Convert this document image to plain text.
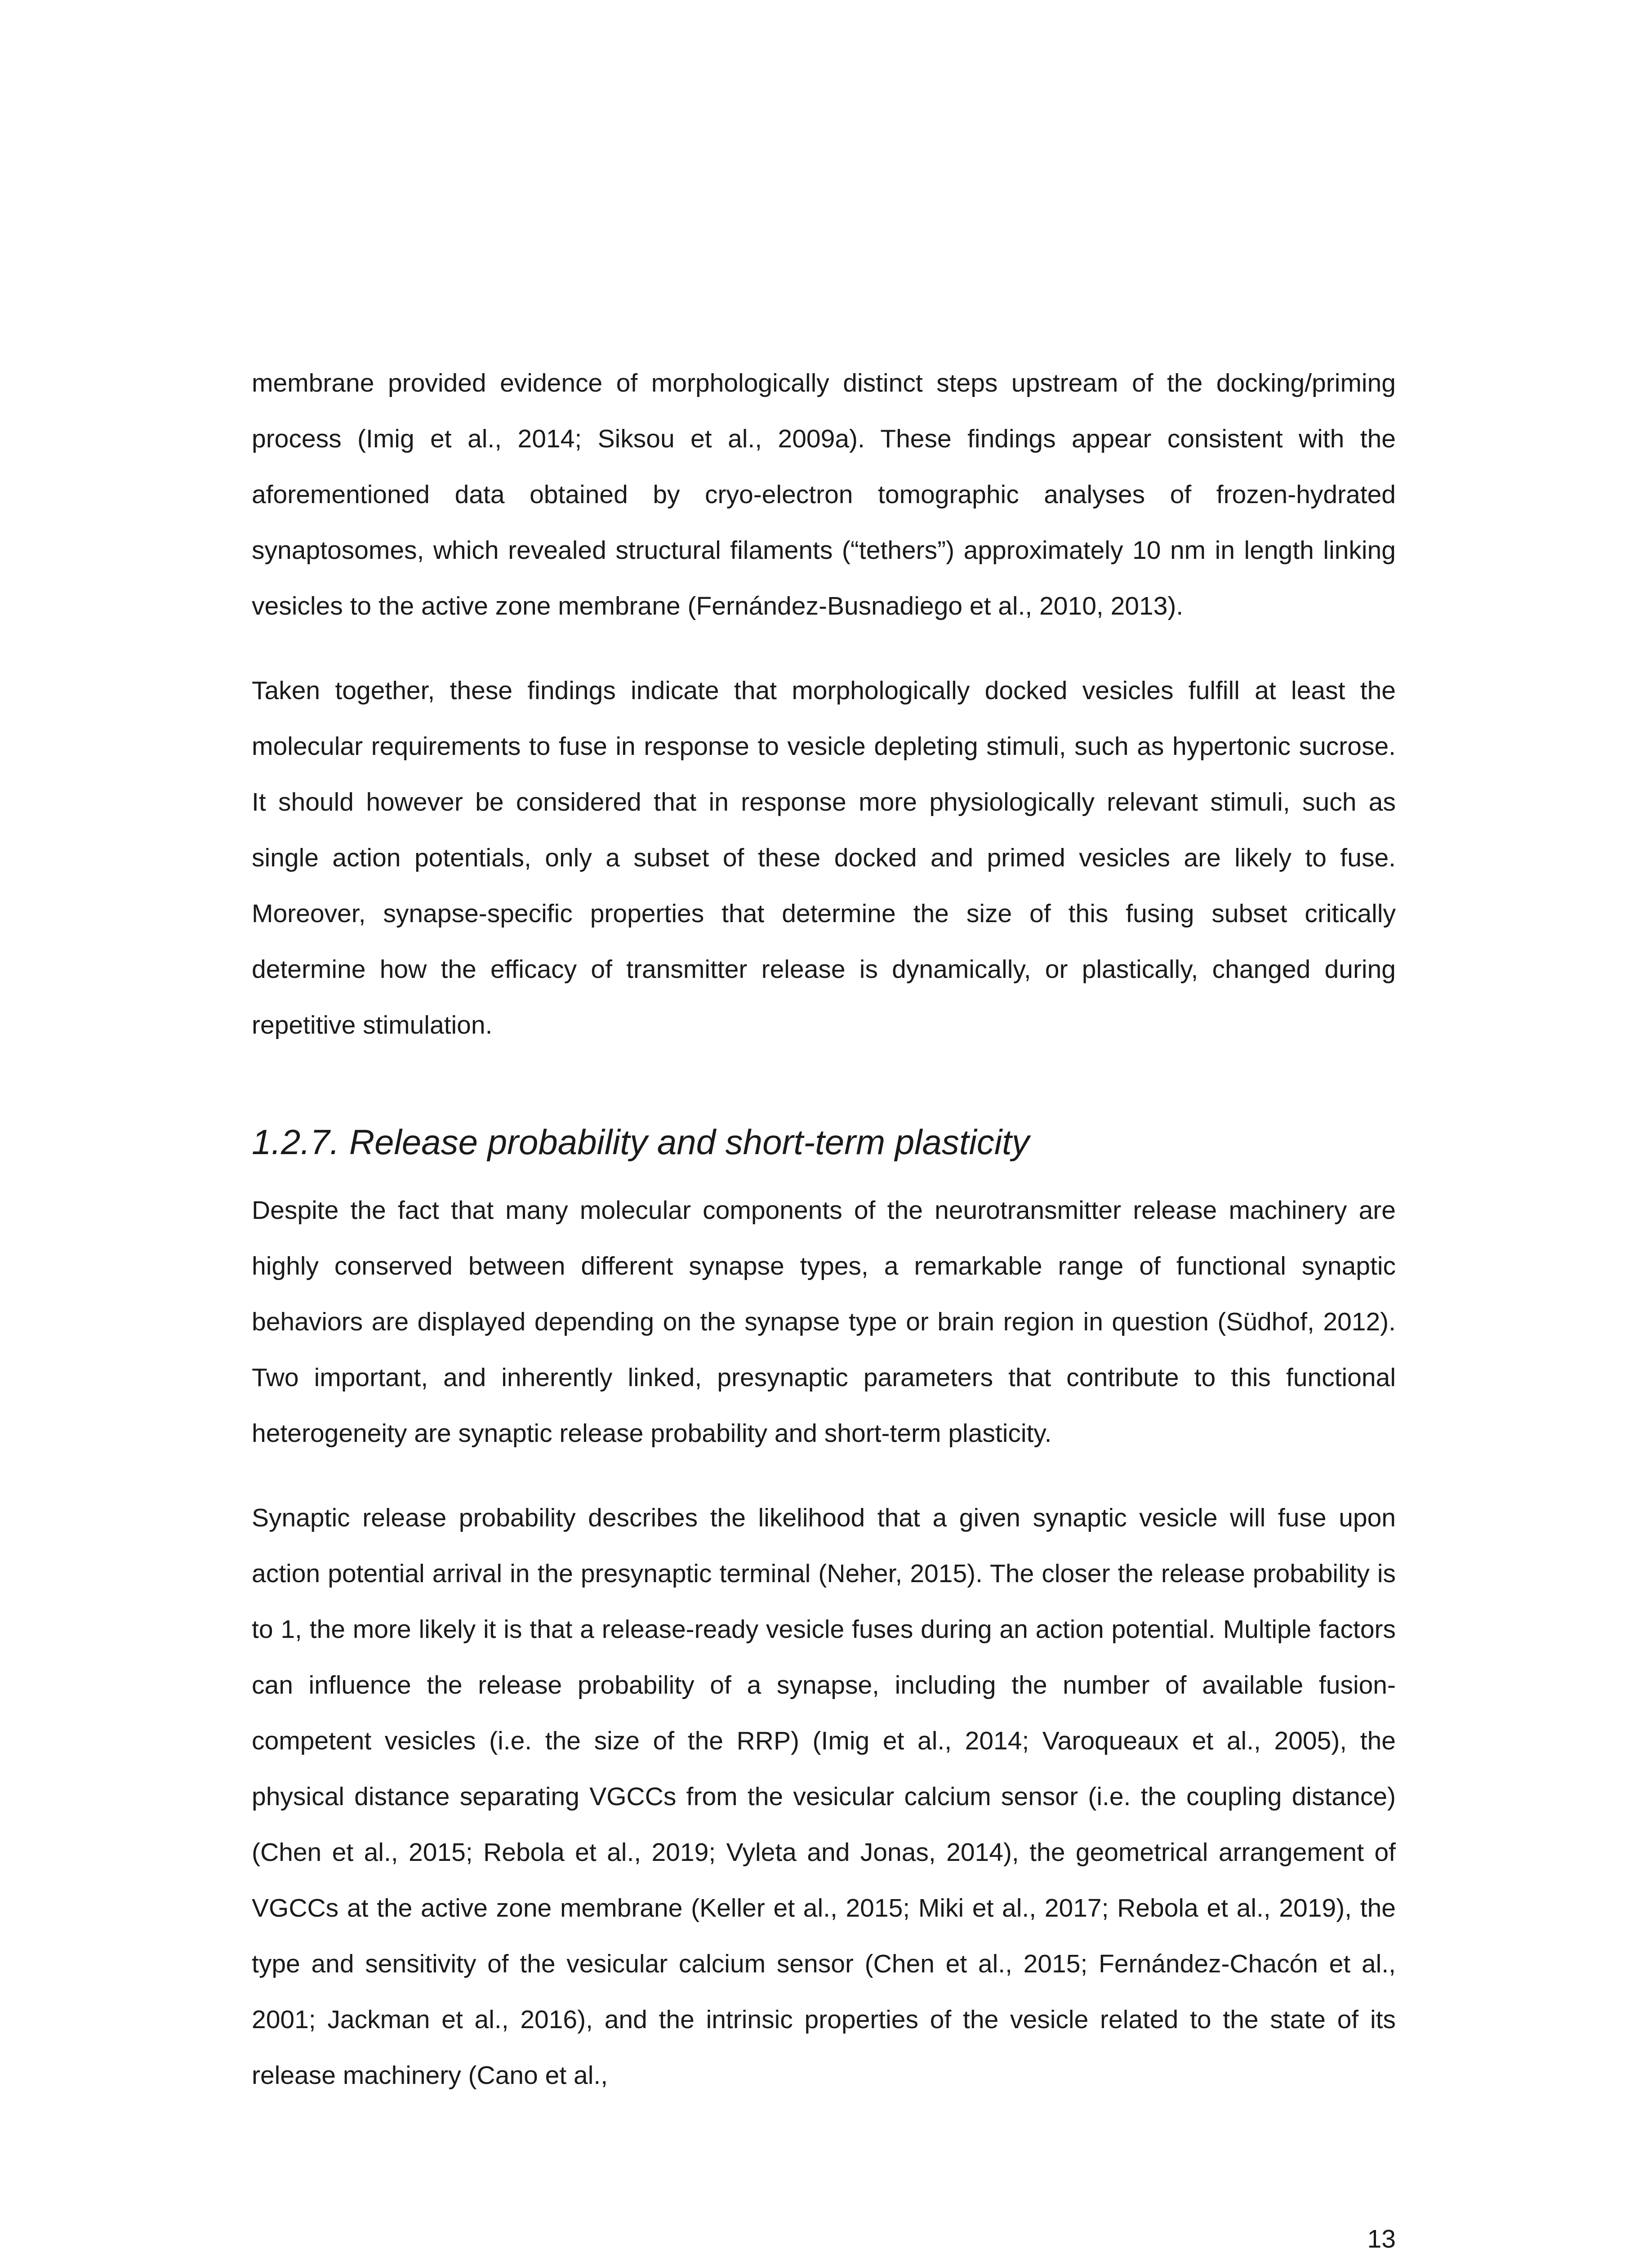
membrane provided evidence of morphologically distinct steps upstream of the docking/priming process (Imig et al., 2014; Siksou et al., 2009a). These findings appear consistent with the aforementioned data obtained by cryo-electron tomographic analyses of frozen-hydrated synaptosomes, which revealed structural filaments (“tethers”) approximately 10 nm in length linking vesicles to the active zone membrane (Fernández-Busnadiego et al., 2010, 2013).

Taken together, these findings indicate that morphologically docked vesicles fulfill at least the molecular requirements to fuse in response to vesicle depleting stimuli, such as hypertonic sucrose. It should however be considered that in response more physiologically relevant stimuli, such as single action potentials, only a subset of these docked and primed vesicles are likely to fuse. Moreover, synapse-specific properties that determine the size of this fusing subset critically determine how the efficacy of transmitter release is dynamically, or plastically, changed during repetitive stimulation.

1.2.7. Release probability and short-term plasticity

Despite the fact that many molecular components of the neurotransmitter release machinery are highly conserved between different synapse types, a remarkable range of functional synaptic behaviors are displayed depending on the synapse type or brain region in question (Südhof, 2012). Two important, and inherently linked, presynaptic parameters that contribute to this functional heterogeneity are synaptic release probability and short-term plasticity.

Synaptic release probability describes the likelihood that a given synaptic vesicle will fuse upon action potential arrival in the presynaptic terminal (Neher, 2015). The closer the release probability is to 1, the more likely it is that a release-ready vesicle fuses during an action potential. Multiple factors can influence the release probability of a synapse, including the number of available fusion-competent vesicles (i.e. the size of the RRP) (Imig et al., 2014; Varoqueaux et al., 2005), the physical distance separating VGCCs from the vesicular calcium sensor (i.e. the coupling distance) (Chen et al., 2015; Rebola et al., 2019; Vyleta and Jonas, 2014), the geometrical arrangement of VGCCs at the active zone membrane (Keller et al., 2015; Miki et al., 2017; Rebola et al., 2019), the type and sensitivity of the vesicular calcium sensor (Chen et al., 2015; Fernández-Chacón et al., 2001; Jackman et al., 2016), and the intrinsic properties of the vesicle related to the state of its release machinery (Cano et al.,

13
